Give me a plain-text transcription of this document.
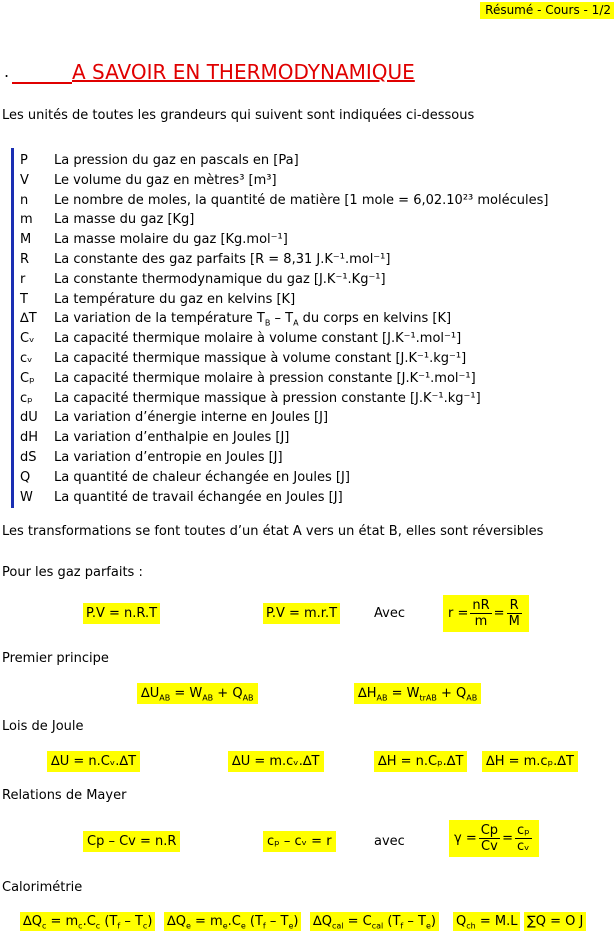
Résumé - Cours - 1/2
.	A SAVOIR EN THERMODYNAMIQUE
Les unités de toutes les grandeurs qui suivent sont indiquées ci-dessous
P La pression du gaz en pascals en [Pa]
V Le volume du gaz en mètres³ [m³]
n Le nombre de moles, la quantité de matière [1 mole = 6,02.10²³ molécules]
m La masse du gaz [Kg]
M La masse molaire du gaz [Kg.mol⁻¹]
R La constante des gaz parfaits [R = 8,31 J.K⁻¹.mol⁻¹]
r La constante thermodynamique du gaz [J.K⁻¹.Kg⁻¹]
T La température du gaz en kelvins [K]
∆T La variation de la température $T_B - T_A$ du corps en kelvins [K]
Cᵥ La capacité thermique molaire à volume constant [J.K⁻¹.mol⁻¹]
cᵥ La capacité thermique massique à volume constant [J.K⁻¹.kg⁻¹]
Cₚ La capacité thermique molaire à pression constante [J.K⁻¹.mol⁻¹]
cₚ La capacité thermique massique à pression constante [J.K⁻¹.kg⁻¹]
dU La variation d’énergie interne en Joules [J]
dH La variation d’enthalpie en Joules [J]
dS La variation d’entropie en Joules [J]
Q La quantité de chaleur échangée en Joules [J]
W La quantité de travail échangée en Joules [J]
Les transformations se font toutes d’un état A vers un état B, elles sont réversibles
Pour les gaz parfaits :
P.V = n.R.T	P.V = m.r.T	Avec	$r = \frac{nR}{m} = \frac{R}{M}$
Premier principe
$\Delta U_{AB} = W_{AB} + Q_{AB}$	$\Delta H_{AB} = W_{trAB} + Q_{AB}$
Lois de Joule
∆U = n.Cᵥ.∆T	∆U = m.cᵥ.∆T	∆H = n.Cₚ.∆T	∆H = m.cₚ.∆T
Relations de Mayer
Cp – Cv = n.R	cₚ – cᵥ = r	avec	$\gamma = \frac{Cp}{Cv} = \frac{\text{cₚ}}{\text{cᵥ}}$
Calorimétrie
$\Delta Q_c = m_c.C_c$ $(T_f - T_c) \Delta Q_e = m_e.C_e$ $(T_f - T_e) \Delta Q_{cal} = C_{cal}$ $(T_f - T_e) Q_{ch} = M.L$ ∑Q = O J
